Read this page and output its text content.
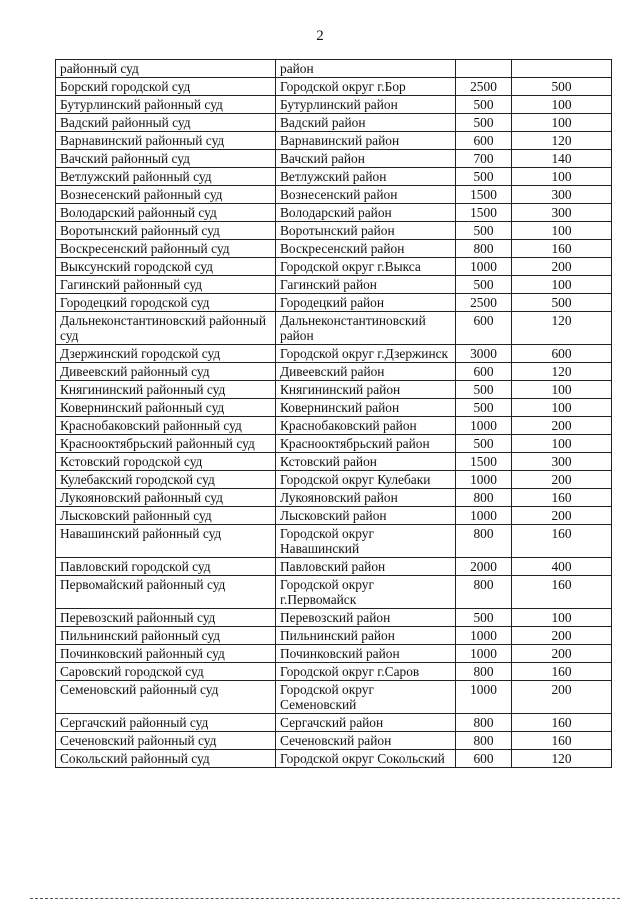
2
районный суд	район		
Борский городской суд	Городской округ г.Бор	2500	500
Бутурлинский районный суд	Бутурлинский район	500	100
Вадский районный суд	Вадский район	500	100
Варнавинский районный суд	Варнавинский район	600	120
Вачский районный суд	Вачский район	700	140
Ветлужский районный суд	Ветлужский район	500	100
Вознесенский районный суд	Вознесенский район	1500	300
Володарский районный суд	Володарский район	1500	300
Воротынский районный суд	Воротынский район	500	100
Воскресенский районный суд	Воскресенский район	800	160
Выксунский городской суд	Городской округ г.Выкса	1000	200
Гагинский районный суд	Гагинский район	500	100
Городецкий городской суд	Городецкий район	2500	500
Дальнеконстантиновский районный суд	Дальнеконстантиновский район	600	120
Дзержинский городской суд	Городской округ г.Дзержинск	3000	600
Дивеевский районный суд	Дивеевский район	600	120
Княгининский районный суд	Княгининский район	500	100
Ковернинский районный суд	Ковернинский район	500	100
Краснобаковский районный суд	Краснобаковский район	1000	200
Краснооктябрьский районный суд	Краснооктябрьский район	500	100
Кстовский городской суд	Кстовский район	1500	300
Кулебакский городской суд	Городской округ Кулебаки	1000	200
Лукояновский районный суд	Лукояновский район	800	160
Лысковский районный суд	Лысковский район	1000	200
Навашинский районный суд	Городской округ Навашинский	800	160
Павловский городской суд	Павловский район	2000	400
Первомайский районный суд	Городской округ г.Первомайск	800	160
Перевозский районный суд	Перевозский район	500	100
Пильнинский районный суд	Пильнинский район	1000	200
Починковский районный суд	Починковский район	1000	200
Саровский городской суд	Городской округ г.Саров	800	160
Семеновский районный суд	Городской округ Семеновский	1000	200
Сергачский районный суд	Сергачский район	800	160
Сеченовский районный суд	Сеченовский район	800	160
Сокольский районный суд	Городской округ Сокольский	600	120
